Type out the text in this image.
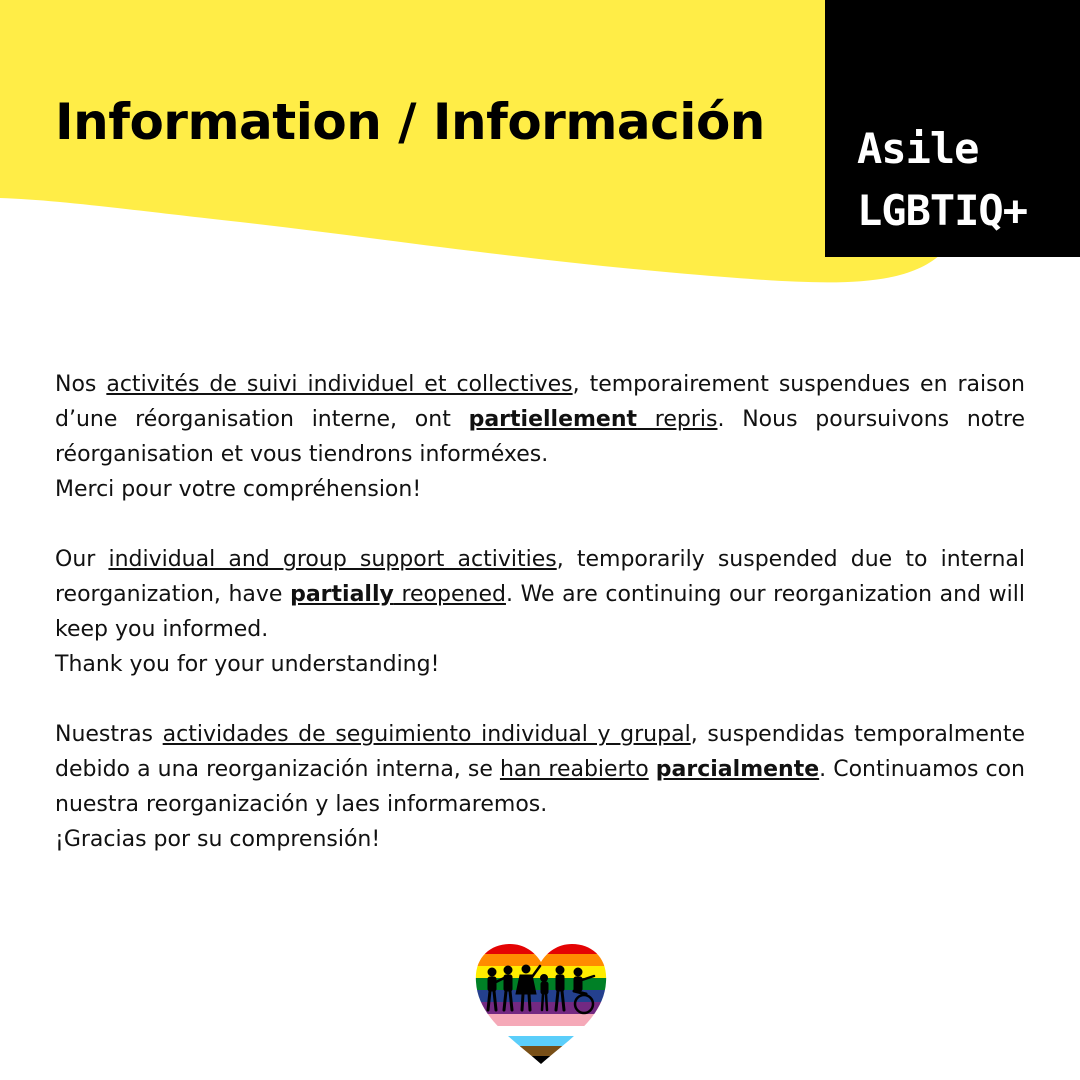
Information / Información Asile
LGBTIQ+

Nos activités de suivi individuel et collectives, temporairement suspendues en raison d’une réorganisation interne, ont partiellement repris. Nous poursuivons notre réorganisation et vous tiendrons informéxes.
Merci pour votre compréhension!

Our individual and group support activities, temporarily suspended due to internal reorganization, have partially reopened. We are continuing our reorganization and will keep you informed.
Thank you for your understanding!

Nuestras actividades de seguimiento individual y grupal, suspendidas temporalmente debido a una reorganización interna, se han reabierto parcialmente. Continuamos con nuestra reorganización y laes informaremos.
¡Gracias por su comprensión!
